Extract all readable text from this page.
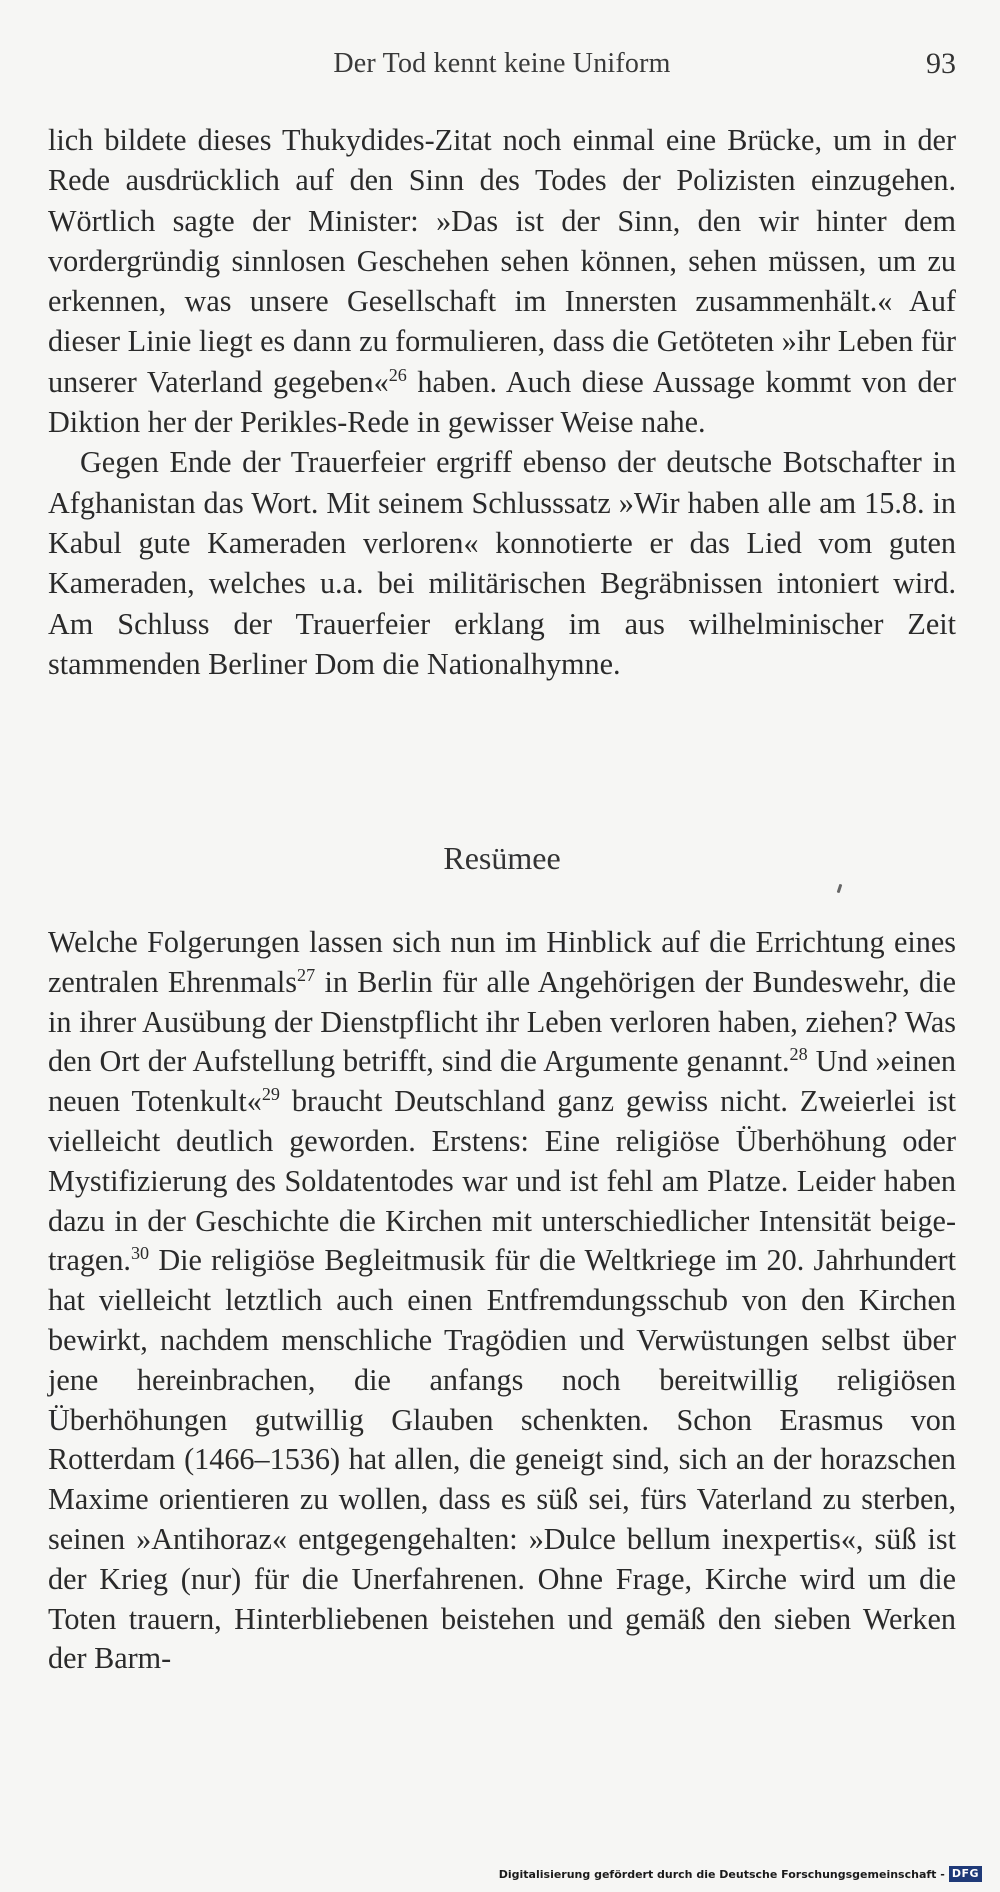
Der Tod kennt keine Uniform	93

lich bildete dieses Thukydides-Zitat noch einmal eine Brücke, um in der Rede ausdrücklich auf den Sinn des Todes der Polizisten einzugehen. Wörtlich sagte der Minister: »Das ist der Sinn, den wir hinter dem vordergründig sinnlosen Geschehen sehen können, sehen müssen, um zu erkennen, was unsere Gesellschaft im Innersten zusammenhält.« Auf dieser Linie liegt es dann zu formulieren, dass die Getöteten »ihr Leben für unserer Vaterland gegeben«$^{26}$ haben. Auch diese Aussage kommt von der Diktion her der Perikles-Rede in gewisser Weise nahe.

Gegen Ende der Trauerfeier ergriff ebenso der deutsche Botschafter in Afghanistan das Wort. Mit seinem Schlusssatz »Wir haben alle am 15.8. in Kabul gute Kameraden verloren« konnotierte er das Lied vom guten Kameraden, welches u.a. bei militärischen Begräbnissen intoniert wird. Am Schluss der Trauerfeier erklang im aus wilhelminischer Zeit stammenden Berliner Dom die Nationalhymne.

Resümee

Welche Folgerungen lassen sich nun im Hinblick auf die Errichtung eines zentralen Ehrenmals$^{27}$ in Berlin für alle Angehörigen der Bundeswehr, die in ihrer Ausübung der Dienstpflicht ihr Leben verloren haben, ziehen? Was den Ort der Aufstellung betrifft, sind die Argumente genannt.$^{28}$ Und »einen neuen Totenkult«$^{29}$ braucht Deutschland ganz gewiss nicht. Zweierlei ist vielleicht deutlich geworden. Erstens: Eine religiöse Überhöhung oder Mystifizierung des Soldatentodes war und ist fehl am Platze. Leider haben dazu in der Geschichte die Kirchen mit unterschiedlicher Intensität beigetragen.$^{30}$ Die religiöse Begleitmusik für die Weltkriege im 20. Jahrhundert hat vielleicht letztlich auch einen Entfremdungsschub von den Kirchen bewirkt, nachdem menschliche Tragödien und Verwüstungen selbst über jene hereinbrachen, die anfangs noch bereitwillig religiösen Überhöhungen gutwillig Glauben schenkten. Schon Erasmus von Rotterdam (1466–1536) hat allen, die geneigt sind, sich an der horazschen Maxime orientieren zu wollen, dass es süß sei, fürs Vaterland zu sterben, seinen »Antihoraz« entgegengehalten: »Dulce bellum inexpertis«, süß ist der Krieg (nur) für die Unerfahrenen. Ohne Frage, Kirche wird um die Toten trauern, Hinterbliebenen beistehen und gemäß den sieben Werken der Barm-

Digitalisierung gefördert durch die Deutsche Forschungsgemeinschaft - DFG
